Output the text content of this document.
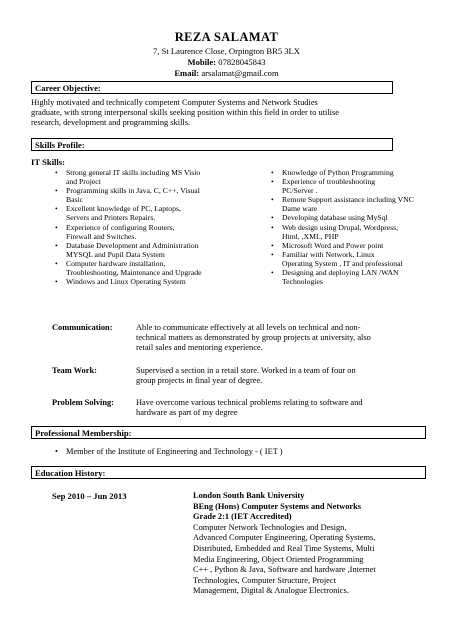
REZA SALAMAT
7, St Laurence Close, Orpington BR5 3LX
Mobile: 07828045843
Email: arsalamat@gmail.com
Career Objective:
Highly motivated and technically competent Computer Systems and Network Studies
graduate, with strong interpersonal skills seeking position within this field in order to utilise
research, development and programming skills.
Skills Profile:
IT Skills:
• Strong general IT skills including MS Visio
and Project
• Programming skills in Java, C, C++, Visual
Basic
• Excellent knowledge of PC, Laptops,
Servers and Printers Repairs.
• Experience of configuring Routers,
Firewall and Switches.
• Database Development and Administration
MYSQL and Pupil Data System
• Computer hardware installation,
Troubleshooting, Maintenance and Upgrade
• Windows and Linux Operating System
• Knowledge of Python Programming
• Experience of troubleshooting
PC/Server .
• Remote Support assistance including VNC
Dame ware
• Developing database using MySql
• Web design using Drupal, Wordpress,
Html, ,XML, PHP
• Microsoft Word and Power point
• Familiar with Network, Linux
Operating System , IT and professional
• Designing and deploying LAN /WAN
Technologies
Communication:	Able to communicate effectively at all levels on technical and non-
technical matters as demonstrated by group projects at university, also
retail sales and mentoring experience.
Team Work:	Supervised a section in a retail store. Worked in a team of four on
group projects in final year of degree.
Problem Solving:	Have overcome various technical problems relating to software and
hardware as part of my degree
Professional Membership:
• Member of the Institute of Engineering and Technology - ( IET )
Education History:
Sep 2010 – Jun 2013	London South Bank University
BEng (Hons) Computer Systems and Networks
Grade 2:1 (IET Accredited)
Computer Network Technologies and Design,
Advanced Computer Engineering, Operating Systems,
Distributed, Embedded and Real Time Systems, Multi
Media Engineering, Object Oriented Programming
C++ , Python & Java, Software and hardware ,Internet
Technologies, Computer Structure, Project
Management, Digital & Analogue Electronics.
